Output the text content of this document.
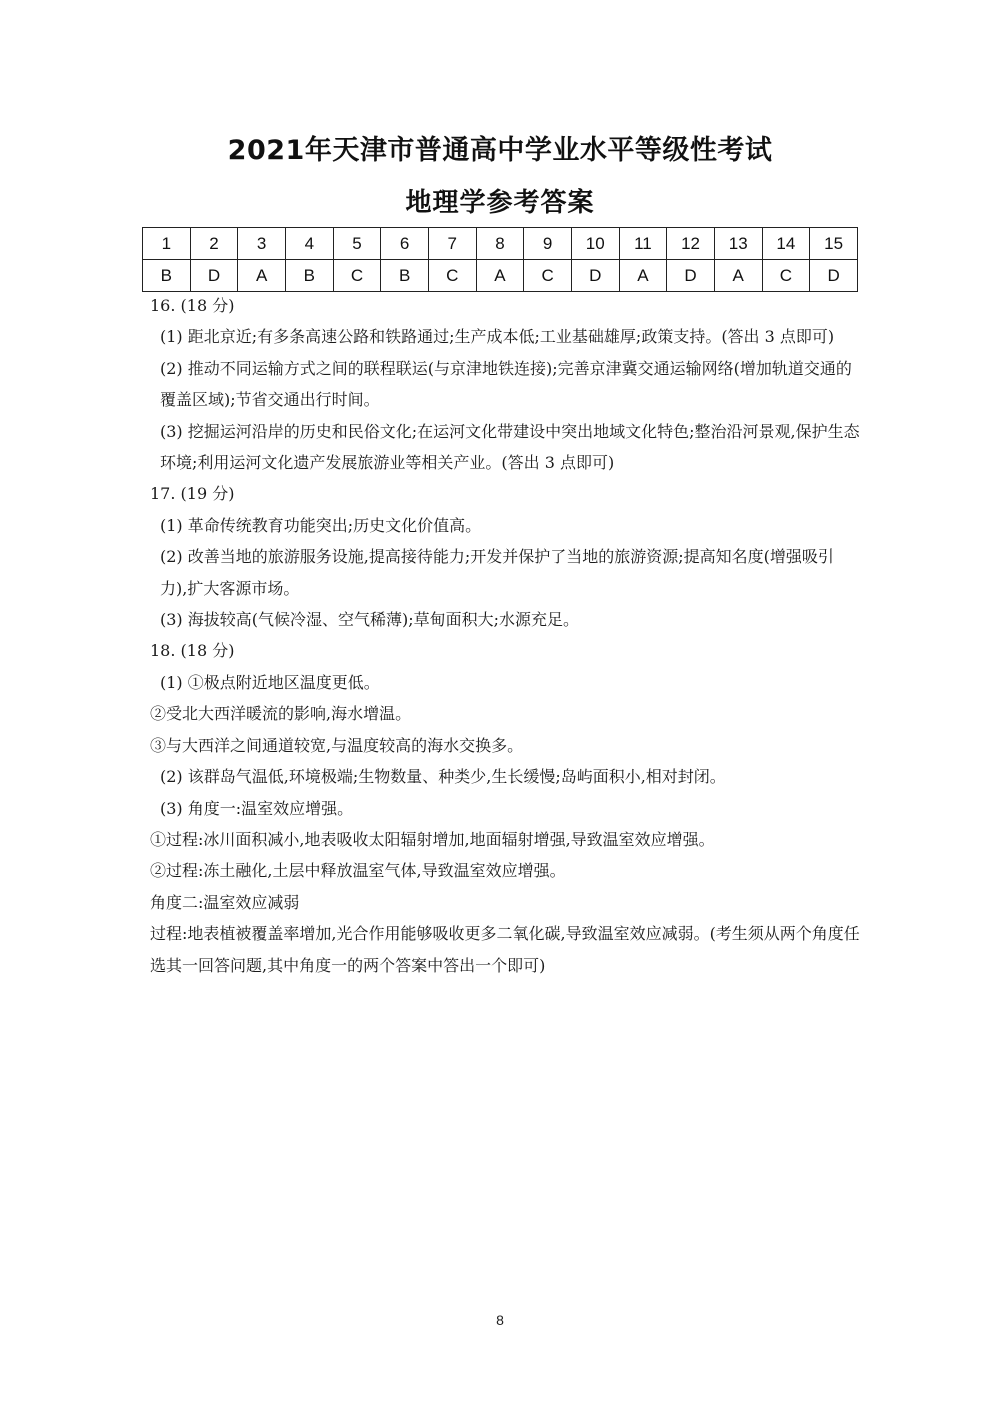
2021年天津市普通高中学业水平等级性考试
地理学参考答案
1	2	3	4	5	6	7	8	9	10	11	12	13	14	15
B	D	A	B	C	B	C	A	C	D	A	D	A	C	D

16. (18 分)

(1) 距北京近;有多条高速公路和铁路通过;生产成本低;工业基础雄厚;政策支持。(答出 3 点即可)

(2) 推动不同运输方式之间的联程联运(与京津地铁连接);完善京津冀交通运输网络(增加轨道交通的覆盖区域);节省交通出行时间。

(3) 挖掘运河沿岸的历史和民俗文化;在运河文化带建设中突出地域文化特色;整治沿河景观,保护生态环境;利用运河文化遗产发展旅游业等相关产业。(答出 3 点即可)

17. (19 分)

(1) 革命传统教育功能突出;历史文化价值高。

(2) 改善当地的旅游服务设施,提高接待能力;开发并保护了当地的旅游资源;提高知名度(增强吸引力),扩大客源市场。

(3) 海拔较高(气候冷湿、空气稀薄);草甸面积大;水源充足。

18. (18 分)

(1) ①极点附近地区温度更低。

②受北大西洋暖流的影响,海水增温。

③与大西洋之间通道较宽,与温度较高的海水交换多。

(2) 该群岛气温低,环境极端;生物数量、种类少,生长缓慢;岛屿面积小,相对封闭。

(3) 角度一:温室效应增强。

①过程:冰川面积减小,地表吸收太阳辐射增加,地面辐射增强,导致温室效应增强。

②过程:冻土融化,土层中释放温室气体,导致温室效应增强。

角度二:温室效应减弱

过程:地表植被覆盖率增加,光合作用能够吸收更多二氧化碳,导致温室效应减弱。(考生须从两个角度任选其一回答问题,其中角度一的两个答案中答出一个即可)

8
